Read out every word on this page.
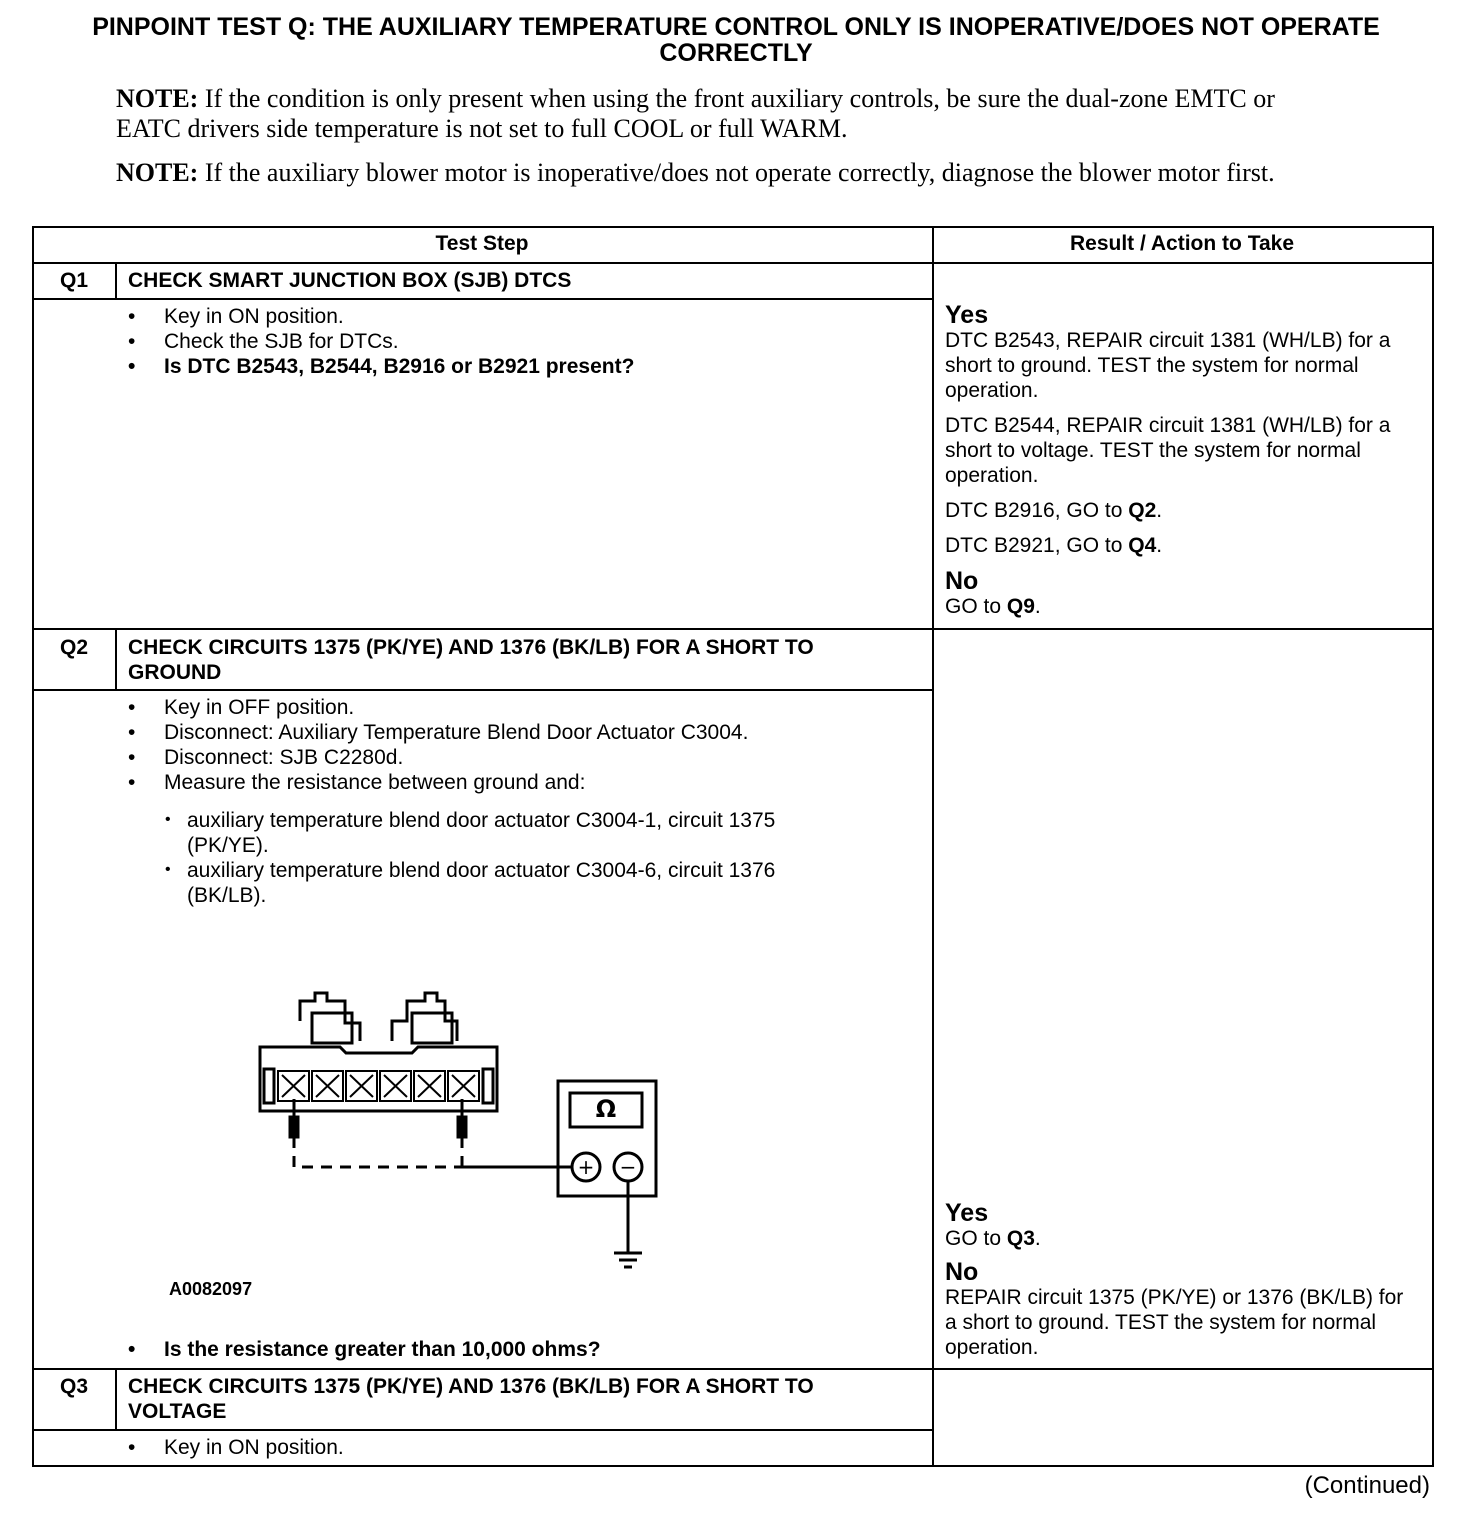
PINPOINT TEST Q: THE AUXILIARY TEMPERATURE CONTROL ONLY IS INOPERATIVE/DOES NOT OPERATE CORRECTLY
NOTE: If the condition is only present when using the front auxiliary controls, be sure the dual-zone EMTC or EATC drivers side temperature is not set to full COOL or full WARM.
NOTE: If the auxiliary blower motor is inoperative/does not operate correctly, diagnose the blower motor first.
Test Step	Result / Action to Take
Q1	CHECK SMART JUNCTION BOX (SJB) DTCS
• Key in ON position.
• Check the SJB for DTCs.
• Is DTC B2543, B2544, B2916 or B2921 present?
Yes

DTC B2543, REPAIR circuit 1381 (WH/LB) for a short to ground. TEST the system for normal operation.

DTC B2544, REPAIR circuit 1381 (WH/LB) for a short to voltage. TEST the system for normal operation.

DTC B2916, GO to Q2.

DTC B2921, GO to Q4.

No
GO to Q9.
Q2	CHECK CIRCUITS 1375 (PK/YE) AND 1376 (BK/LB) FOR A SHORT TO GROUND
• Key in OFF position.
• Disconnect: Auxiliary Temperature Blend Door Actuator C3004.
• Disconnect: SJB C2280d.
• Measure the resistance between ground and:
• auxiliary temperature blend door actuator C3004-1, circuit 1375 (PK/YE).
• auxiliary temperature blend door actuator C3004-6, circuit 1376 (BK/LB).
Ω
+ −
A0082097
• Is the resistance greater than 10,000 ohms?
Yes
GO to Q3.
No
REPAIR circuit 1375 (PK/YE) or 1376 (BK/LB) for a short to ground. TEST the system for normal operation.
Q3	CHECK CIRCUITS 1375 (PK/YE) AND 1376 (BK/LB) FOR A SHORT TO VOLTAGE
• Key in ON position.
(Continued)
